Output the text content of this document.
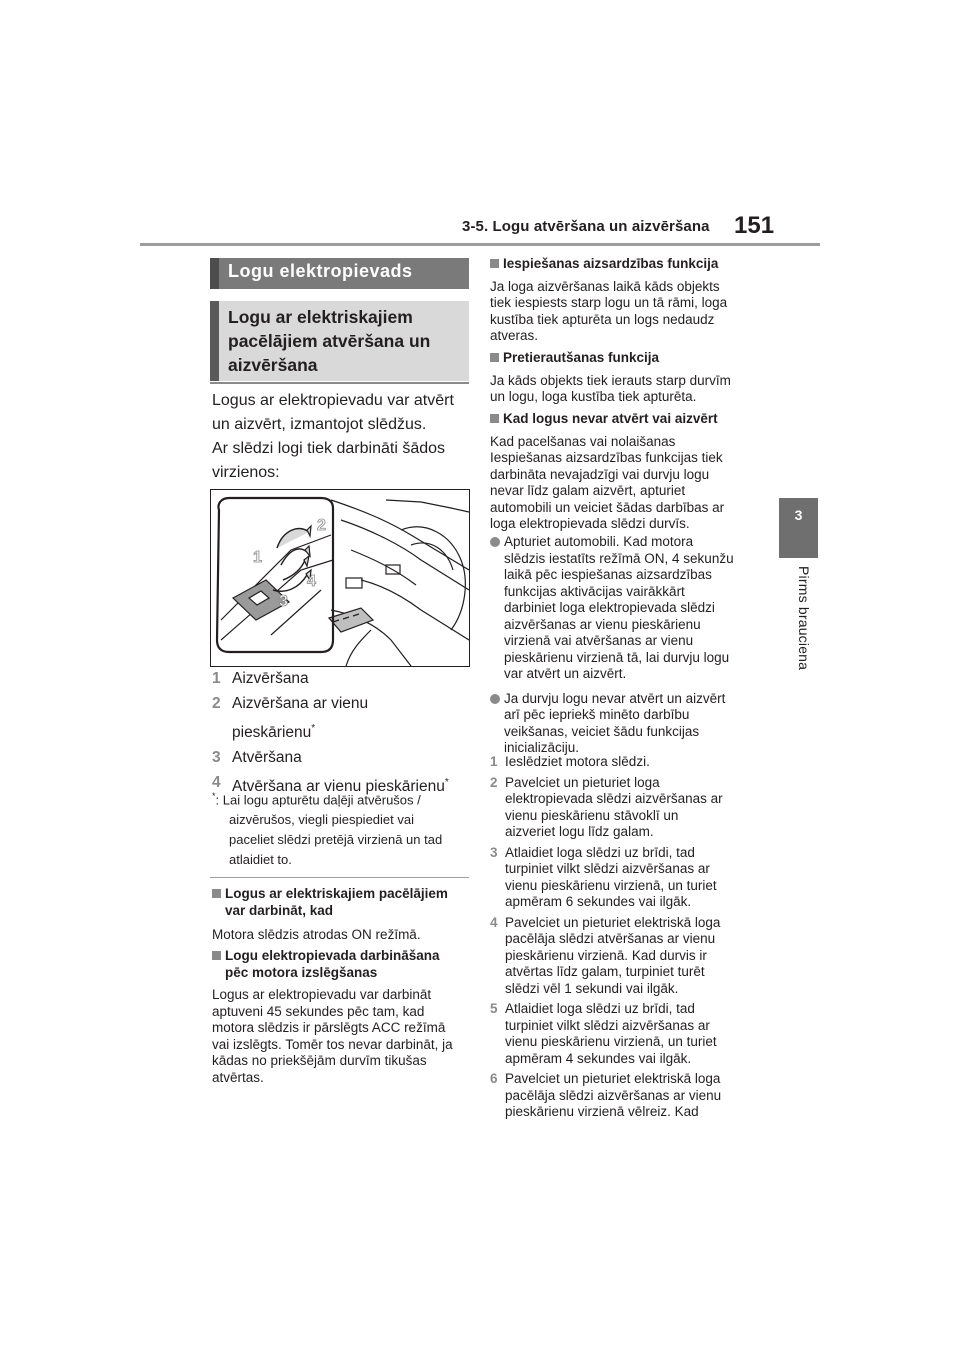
3-5. Logu atvēršana un aizvēršana 151
3
Pirms brauciena
Logu elektropievads
Logu ar elektriskajiem
pacēlājiem atvēršana un
aizvēršana

Logus ar elektropievadu var atvērt

un aizvērt, izmantojot slēdžus.

Ar slēdzi logi tiek darbināti šādos

virzienos:

1
2
3
4
1 Aizvēršana
2 Aizvēršana ar vienu
pieskārienu*
3 Atvēršana
4 Atvēršana ar vienu pieskārienu*
*: Lai logu apturētu daļēji atvērušos /
aizvērušos, viegli piespiediet vai
paceliet slēdzi pretējā virzienā un tad
atlaidiet to.
Logus ar elektriskajiem pacēlājiem
var darbināt, kad
Motora slēdzis atrodas ON režīmā.
Logu elektropievada darbināšana
pēc motora izslēgšanas
Logus ar elektropievadu var darbināt
aptuveni 45 sekundes pēc tam, kad
motora slēdzis ir pārslēgts ACC režīmā
vai izslēgts. Tomēr tos nevar darbināt, ja
kādas no priekšējām durvīm tikušas
atvērtas.
Iespiešanas aizsardzības funkcija
Ja loga aizvēršanas laikā kāds objekts
tiek iespiests starp logu un tā rāmi, loga
kustība tiek apturēta un logs nedaudz
atveras.
Pretierautšanas funkcija
Ja kāds objekts tiek ierauts starp durvīm
un logu, loga kustība tiek apturēta.
Kad logus nevar atvērt vai aizvērt
Kad pacelšanas vai nolaišanas
Iespiešanas aizsardzības funkcijas tiek
darbināta nevajadzīgi vai durvju logu
nevar līdz galam aizvērt, apturiet
automobili un veiciet šādas darbības ar
loga elektropievada slēdzi durvīs.
Apturiet automobili. Kad motora
slēdzis iestatīts režīmā ON, 4 sekunžu
laikā pēc iespiešanas aizsardzības
funkcijas aktivācijas vairākkārt
darbiniet loga elektropievada slēdzi
aizvēršanas ar vienu pieskārienu
virzienā vai atvēršanas ar vienu
pieskārienu virzienā tā, lai durvju logu
var atvērt un aizvērt.
Ja durvju logu nevar atvērt un aizvērt
arī pēc iepriekš minēto darbību
veikšanas, veiciet šādu funkcijas
inicializāciju.
1 Ieslēdziet motora slēdzi.
2 Pavelciet un pieturiet loga
elektropievada slēdzi aizvēršanas ar
vienu pieskārienu stāvoklī un
aizveriet logu līdz galam.
3 Atlaidiet loga slēdzi uz brīdi, tad
turpiniet vilkt slēdzi aizvēršanas ar
vienu pieskārienu virzienā, un turiet
apmēram 6 sekundes vai ilgāk.
4 Pavelciet un pieturiet elektriskā loga
pacēlāja slēdzi atvēršanas ar vienu
pieskārienu virzienā. Kad durvis ir
atvērtas līdz galam, turpiniet turēt
slēdzi vēl 1 sekundi vai ilgāk.
5 Atlaidiet loga slēdzi uz brīdi, tad
turpiniet vilkt slēdzi aizvēršanas ar
vienu pieskārienu virzienā, un turiet
apmēram 4 sekundes vai ilgāk.
6 Pavelciet un pieturiet elektriskā loga
pacēlāja slēdzi aizvēršanas ar vienu
pieskārienu virzienā vēlreiz. Kad
